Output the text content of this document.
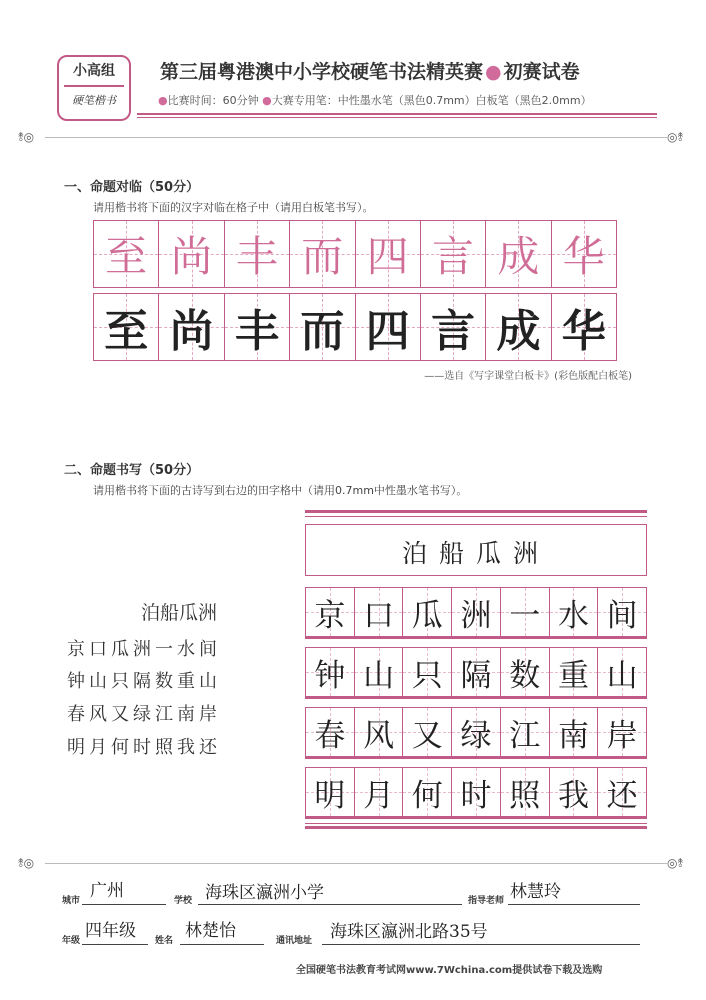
小高组
硬笔楷书
第三届粤港澳中小学校硬笔书法精英赛 ● 初赛试卷
●比赛时间：60分钟 ●大赛专用笔：中性墨水笔（黑色0.7mm）白板笔（黑色2.0mm）
⥉◎	◎⥉
一、命题对临（50分）
请用楷书将下面的汉字对临在格子中（请用白板笔书写）。
至 尚 丰 而 四 言 成 华
至 尚 丰 而 四 言 成 华
——选自《写字课堂白板卡》(彩色版配白板笔)
二、命题书写（50分）
请用楷书将下面的古诗写到右边的田字格中（请用0.7mm中性墨水笔书写）。
泊船瓜洲
京口瓜洲一水间
钟山只隔数重山
春风又绿江南岸
明月何时照我还
泊船瓜洲
京 口 瓜 洲 一 水 间
钟 山 只 隔 数 重 山
春 风 又 绿 江 南 岸
明 月 何 时 照 我 还
⥉◎	◎⥉
城市 广州	学校 海珠区瀛洲小学	指导老师 林慧玲
年级 四年级 姓名 林楚怡	通讯地址 海珠区瀛洲北路35号
全国硬笔书法教育考试网www.7Wchina.com提供试卷下载及选购
